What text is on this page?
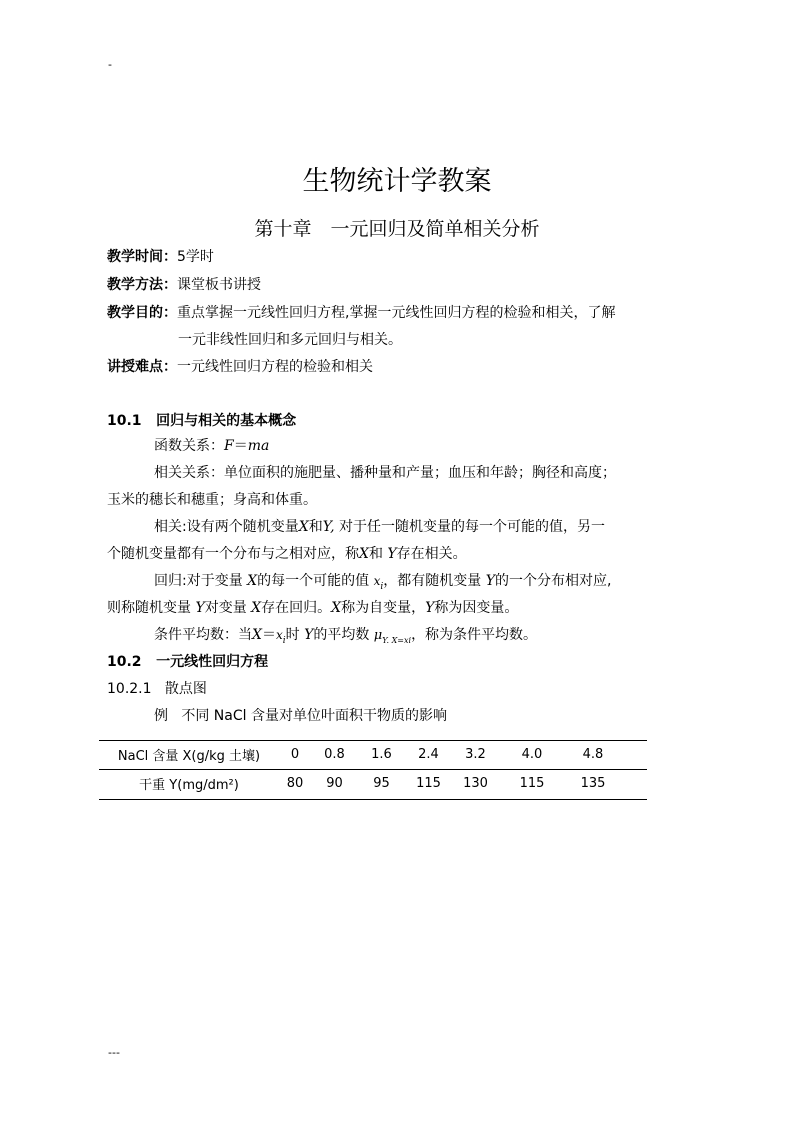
-
生物统计学教案
第十章　一元回归及简单相关分析
教学时间：5学时
教学方法：课堂板书讲授
教学目的：重点掌握一元线性回归方程,掌握一元线性回归方程的检验和相关，了解
一元非线性回归和多元回归与相关。
讲授难点：一元线性回归方程的检验和相关
10.1 回归与相关的基本概念
函数关系：F＝ma
相关关系：单位面积的施肥量、播种量和产量；血压和年龄；胸径和高度；
玉米的穗长和穗重；身高和体重。
相关:设有两个随机变量X和Y, 对于任一随机变量的每一个可能的值，另一
个随机变量都有一个分布与之相对应，称X和 Y存在相关。
回归:对于变量 X的每一个可能的值 $x_i$，都有随机变量 Y的一个分布相对应,
则称随机变量 Y对变量 X存在回归。X称为自变量，Y称为因变量。
条件平均数：当$X=x_i$时 Y的平均数 $\mu_{Y. X=xi}$，称为条件平均数。
10.2 一元线性回归方程
10.2.1 散点图
例 不同 NaCl 含量对单位叶面积干物质的影响
NaCl 含量 X(g/kg 土壤)	0	0.8	1.6	2.4	3.2	4.0	4.8
干重 Y(mg/dm²)	80	90	95	115	130	115	135
---
